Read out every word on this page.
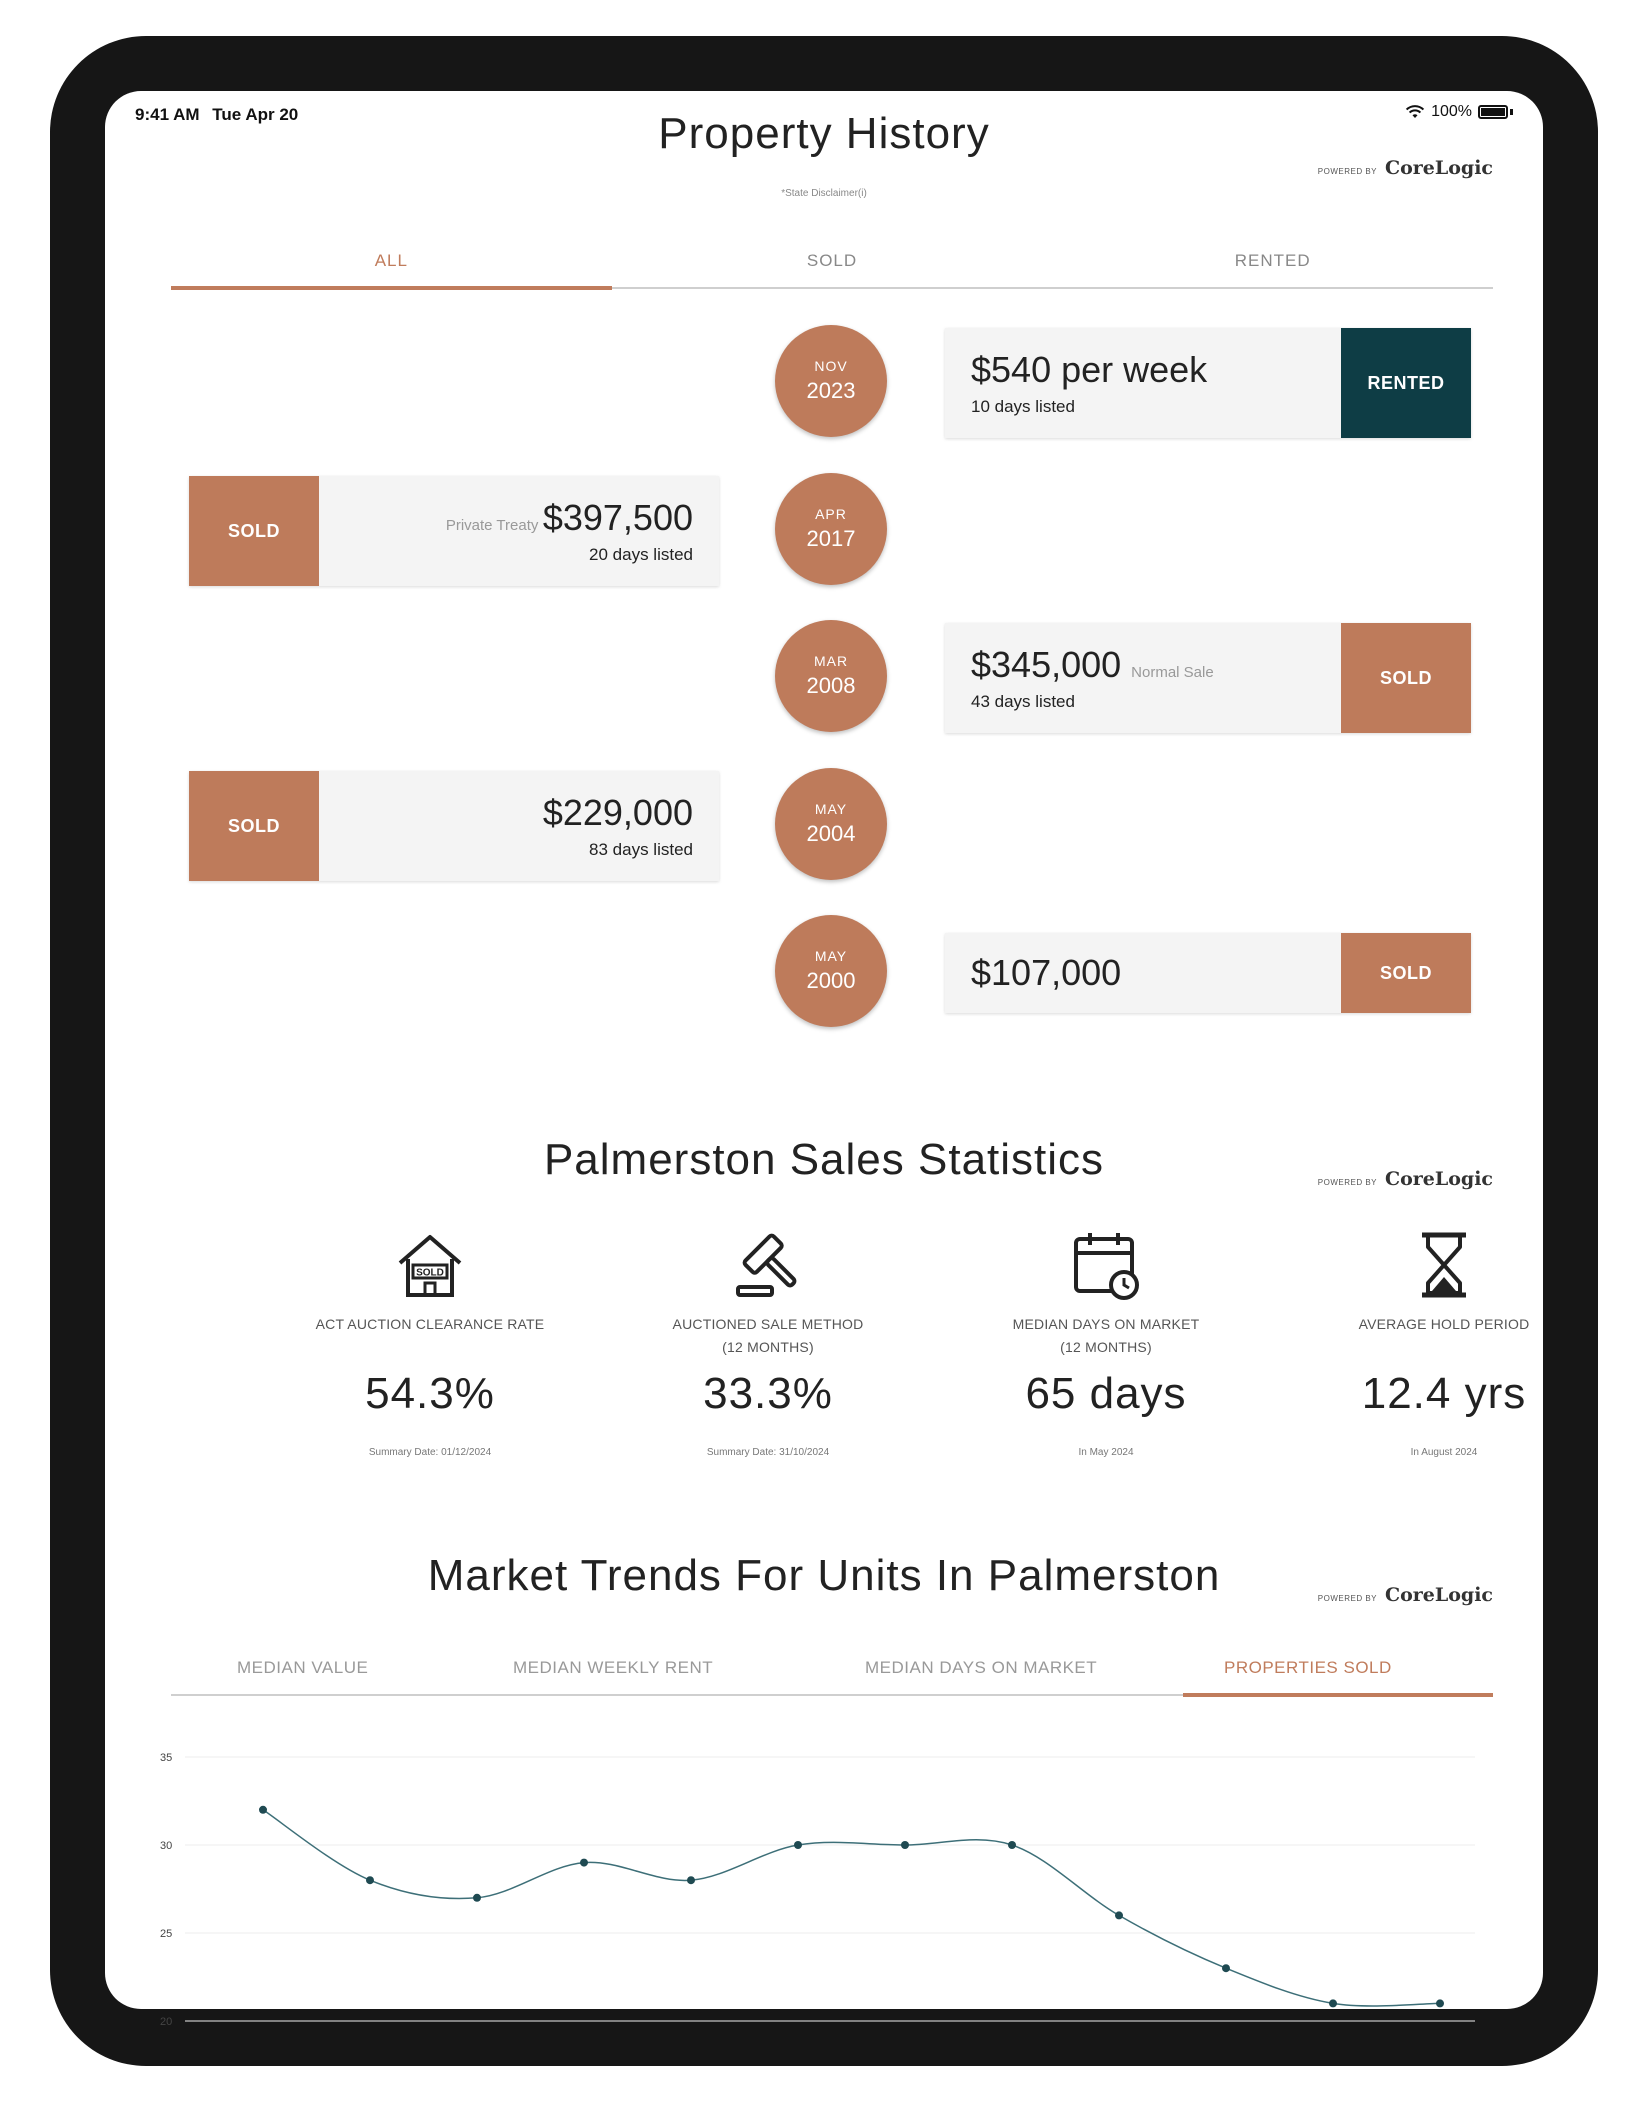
9:41 AM Tue Apr 20	100%
Property History
POWERED BY CoreLogic
*State Disclaimer(i)
ALL	SOLD	RENTED
NOV
2023
$540 per week
10 days listed
RENTED
APR
2017
SOLD	Private Treaty $397,500
20 days listed
MAR
2008
$345,000 Normal Sale
43 days listed
SOLD
MAY
2004
SOLD	$229,000
83 days listed
MAY
2000	$107,000	SOLD
Palmerston Sales Statistics	POWERED BY CoreLogic
SOLD
ACT AUCTION CLEARANCE RATE
54.3%
Summary Date: 01/12/2024
AUCTIONED SALE METHOD
(12 MONTHS)
33.3%
Summary Date: 31/10/2024
MEDIAN DAYS ON MARKET
(12 MONTHS)
65 days
In May 2024
AVERAGE HOLD PERIOD
12.4 yrs
In August 2024
Market Trends For Units In Palmerston	POWERED BY CoreLogic
MEDIAN VALUE	MEDIAN WEEKLY RENT	MEDIAN DAYS ON MARKET	PROPERTIES SOLD
35
30
25
20
